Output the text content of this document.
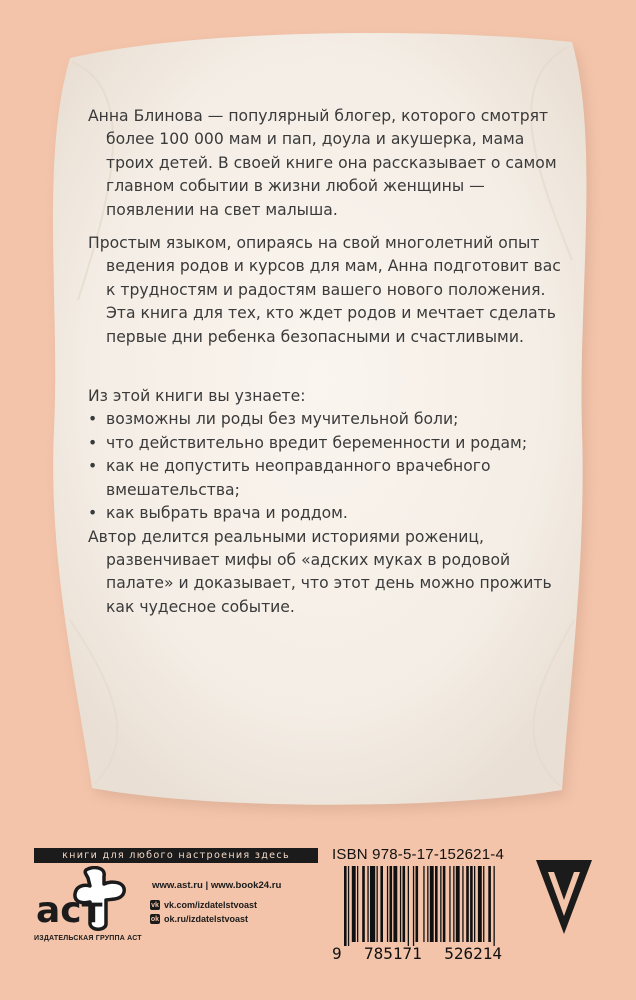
Анна Блинова — популярный блогер, которого смотрят более 100 000 мам и пап, доула и акушерка, мама троих детей. В своей книге она рассказывает о самом главном событии в жизни любой женщины — появлении на свет малыша.

Простым языком, опираясь на свой многолетний опыт ведения родов и курсов для мам, Анна подготовит вас к трудностям и радостям вашего нового положения. Эта книга для тех, кто ждет родов и мечтает сделать первые дни ребенка безопасными и счастливыми.

Из этой книги вы узнаете:

• возможны ли роды без мучительной боли;
• что действительно вредит беременности и родам;
• как не допустить неоправданного врачебного вмешательства;
• как выбрать врача и роддом.

Автор делится реальными историями рожениц, развенчивает мифы об «адских муках в родовой палате» и доказывает, что этот день можно прожить как чудесное событие.

книги для любого настроения здесь
aст
ИЗДАТЕЛЬСКАЯ ГРУППА АСТ
www.ast.ru | www.book24.ru
vk vk.com/izdatelstvoast
ok ok.ru/izdatelstvoast
ISBN 978-5-17-152621-4
9 785171 526214
